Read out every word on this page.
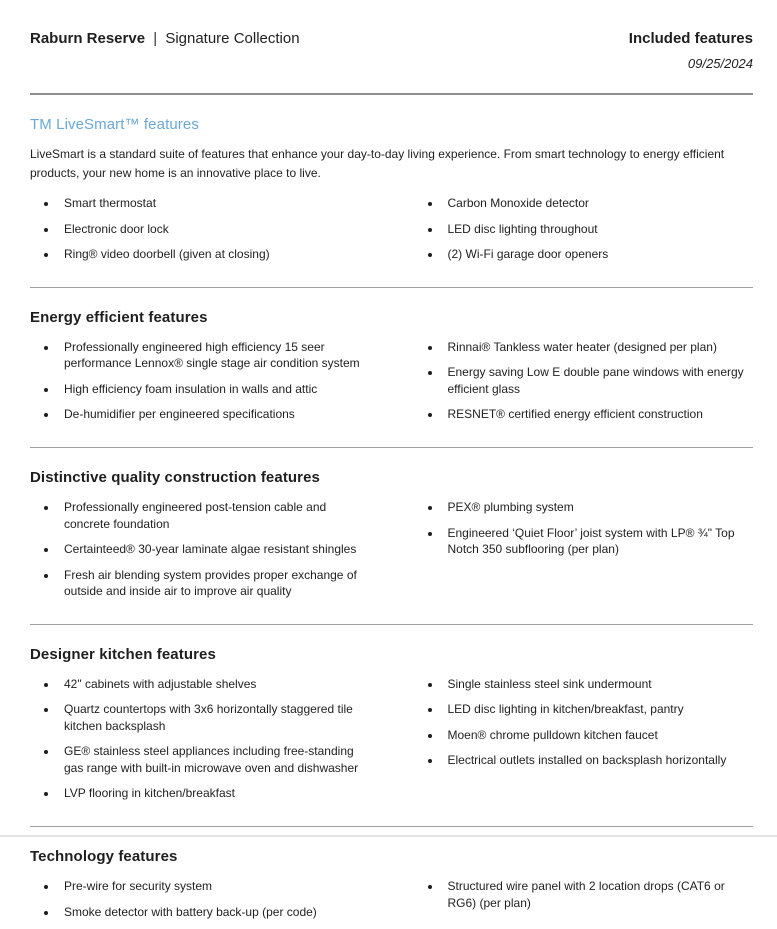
Raburn Reserve | Signature Collection	Included features
09/25/2024
TM LiveSmart™ features

LiveSmart is a standard suite of features that enhance your day-to-day living experience. From smart technology to energy efficient products, your new home is an innovative place to live.

• Smart thermostat
• Electronic door lock
• Ring® video doorbell (given at closing)
• Carbon Monoxide detector
• LED disc lighting throughout
• (2) Wi-Fi garage door openers
Energy efficient features
• Professionally engineered high efficiency 15 seer performance Lennox® single stage air condition system
• High efficiency foam insulation in walls and attic
• De-humidifier per engineered specifications
• Rinnai® Tankless water heater (designed per plan)
• Energy saving Low E double pane windows with energy efficient glass
• RESNET® certified energy efficient construction
Distinctive quality construction features
• Professionally engineered post-tension cable and concrete foundation
• Certainteed® 30-year laminate algae resistant shingles
• Fresh air blending system provides proper exchange of outside and inside air to improve air quality
• PEX® plumbing system
• Engineered ‘Quiet Floor’ joist system with LP® ¾" Top Notch 350 subflooring (per plan)
Designer kitchen features
• 42" cabinets with adjustable shelves
• Quartz countertops with 3x6 horizontally staggered tile kitchen backsplash
• GE® stainless steel appliances including free-standing gas range with built-in microwave oven and dishwasher
• LVP flooring in kitchen/breakfast
• Single stainless steel sink undermount
• LED disc lighting in kitchen/breakfast, pantry
• Moen® chrome pulldown kitchen faucet
• Electrical outlets installed on backsplash horizontally
Technology features
• Pre-wire for security system
• Smoke detector with battery back-up (per code)
• Structured wire panel with 2 location drops (CAT6 or RG6) (per plan)
